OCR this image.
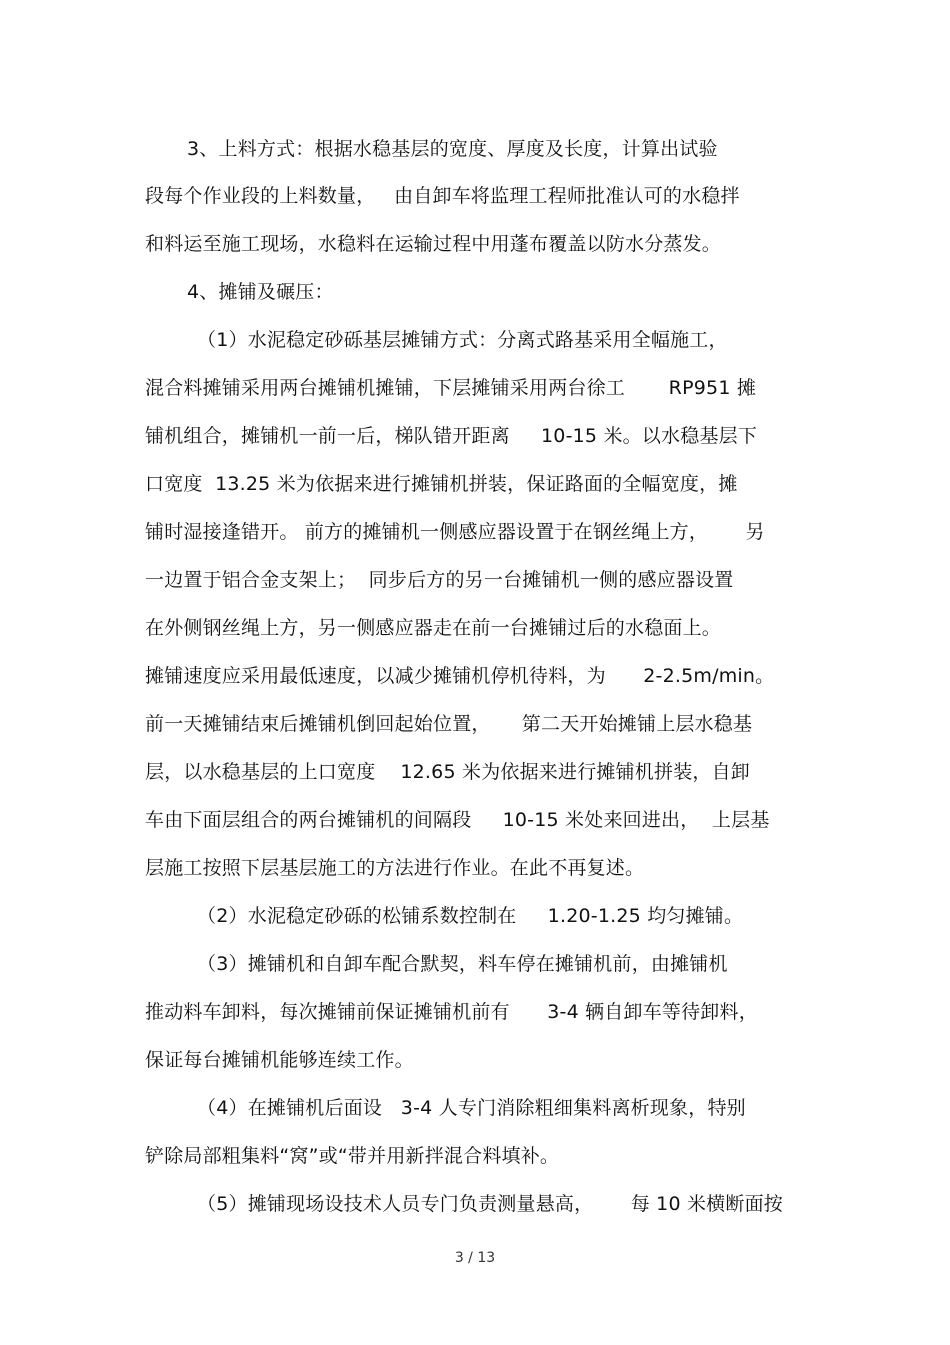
3、上料方式：根据水稳基层的宽度、厚度及长度，计算出试验
段每个作业段的上料数量，   由自卸车将监理工程师批准认可的水稳拌
和料运至施工现场，水稳料在运输过程中用蓬布覆盖以防水分蒸发。
4、摊铺及碾压：
（1）水泥稳定砂砾基层摊铺方式：分离式路基采用全幅施工，
混合料摊铺采用两台摊铺机摊铺，下层摊铺采用两台徐工       RP951 摊
铺机组合，摊铺机一前一后，梯队错开距离     10-15 米。以水稳基层下
口宽度  13.25 米为依据来进行摊铺机拼装，保证路面的全幅宽度，摊
铺时湿接逢错开。 前方的摊铺机一侧感应器设置于在钢丝绳上方，      另
一边置于铝合金支架上；  同步后方的另一台摊铺机一侧的感应器设置
在外侧钢丝绳上方，另一侧感应器走在前一台摊铺过后的水稳面上。
摊铺速度应采用最低速度，以减少摊铺机停机待料，为      2-2.5m/min。
前一天摊铺结束后摊铺机倒回起始位置，     第二天开始摊铺上层水稳基
层，以水稳基层的上口宽度    12.65 米为依据来进行摊铺机拼装，自卸
车由下面层组合的两台摊铺机的间隔段     10-15 米处来回进出，  上层基
层施工按照下层基层施工的方法进行作业。在此不再复述。
（2）水泥稳定砂砾的松铺系数控制在     1.20-1.25 均匀摊铺。
（3）摊铺机和自卸车配合默契，料车停在摊铺机前，由摊铺机
推动料车卸料，每次摊铺前保证摊铺机前有      3-4 辆自卸车等待卸料，
保证每台摊铺机能够连续工作。
（4）在摊铺机后面设   3-4 人专门消除粗细集料离析现象，特别
铲除局部粗集料“窝”或“带并用新拌混合料填补。
（5）摊铺现场设技术人员专门负责测量悬高，      每 10 米横断面按
3 / 13
